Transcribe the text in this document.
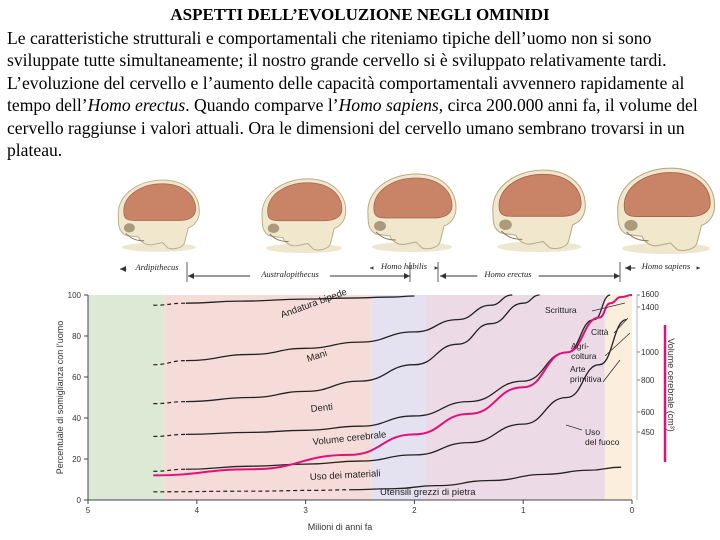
ASPETTI DELL’EVOLUZIONE NEGLI OMINIDI
Le caratteristiche strutturali e comportamentali che riteniamo tipiche dell’uomo non si sono sviluppate tutte simultaneamente; il nostro grande cervello si è sviluppato relativamente tardi. L’evoluzione del cervello e l’aumento delle capacità comportamentali avvennero rapidamente al tempo dell’Homo erectus. Quando comparve l’Homo sapiens, circa 200.000 anni fa, il volume del cervello raggiunse i valori attuali. Ora le dimensioni del cervello umano sembrano trovarsi in un plateau.
0
20
40
60
80
100
5	4	3	2	1	0
Milioni di anni fa
Percentuale di somiglianza con l’uomo
1600
1400
1000
800
600
450
Volume cerebrale (cm³)
Andatura bipede
Mani
Denti
Volume cerebrale
Uso dei materiali
Utensili grezzi di pietra
Scrittura
Città
Agri-
coltura
Arte
primitiva
Uso
del fuoco
Ardipithecus
Australopithecus
Homo habilis
Homo erectus
Homo sapiens
